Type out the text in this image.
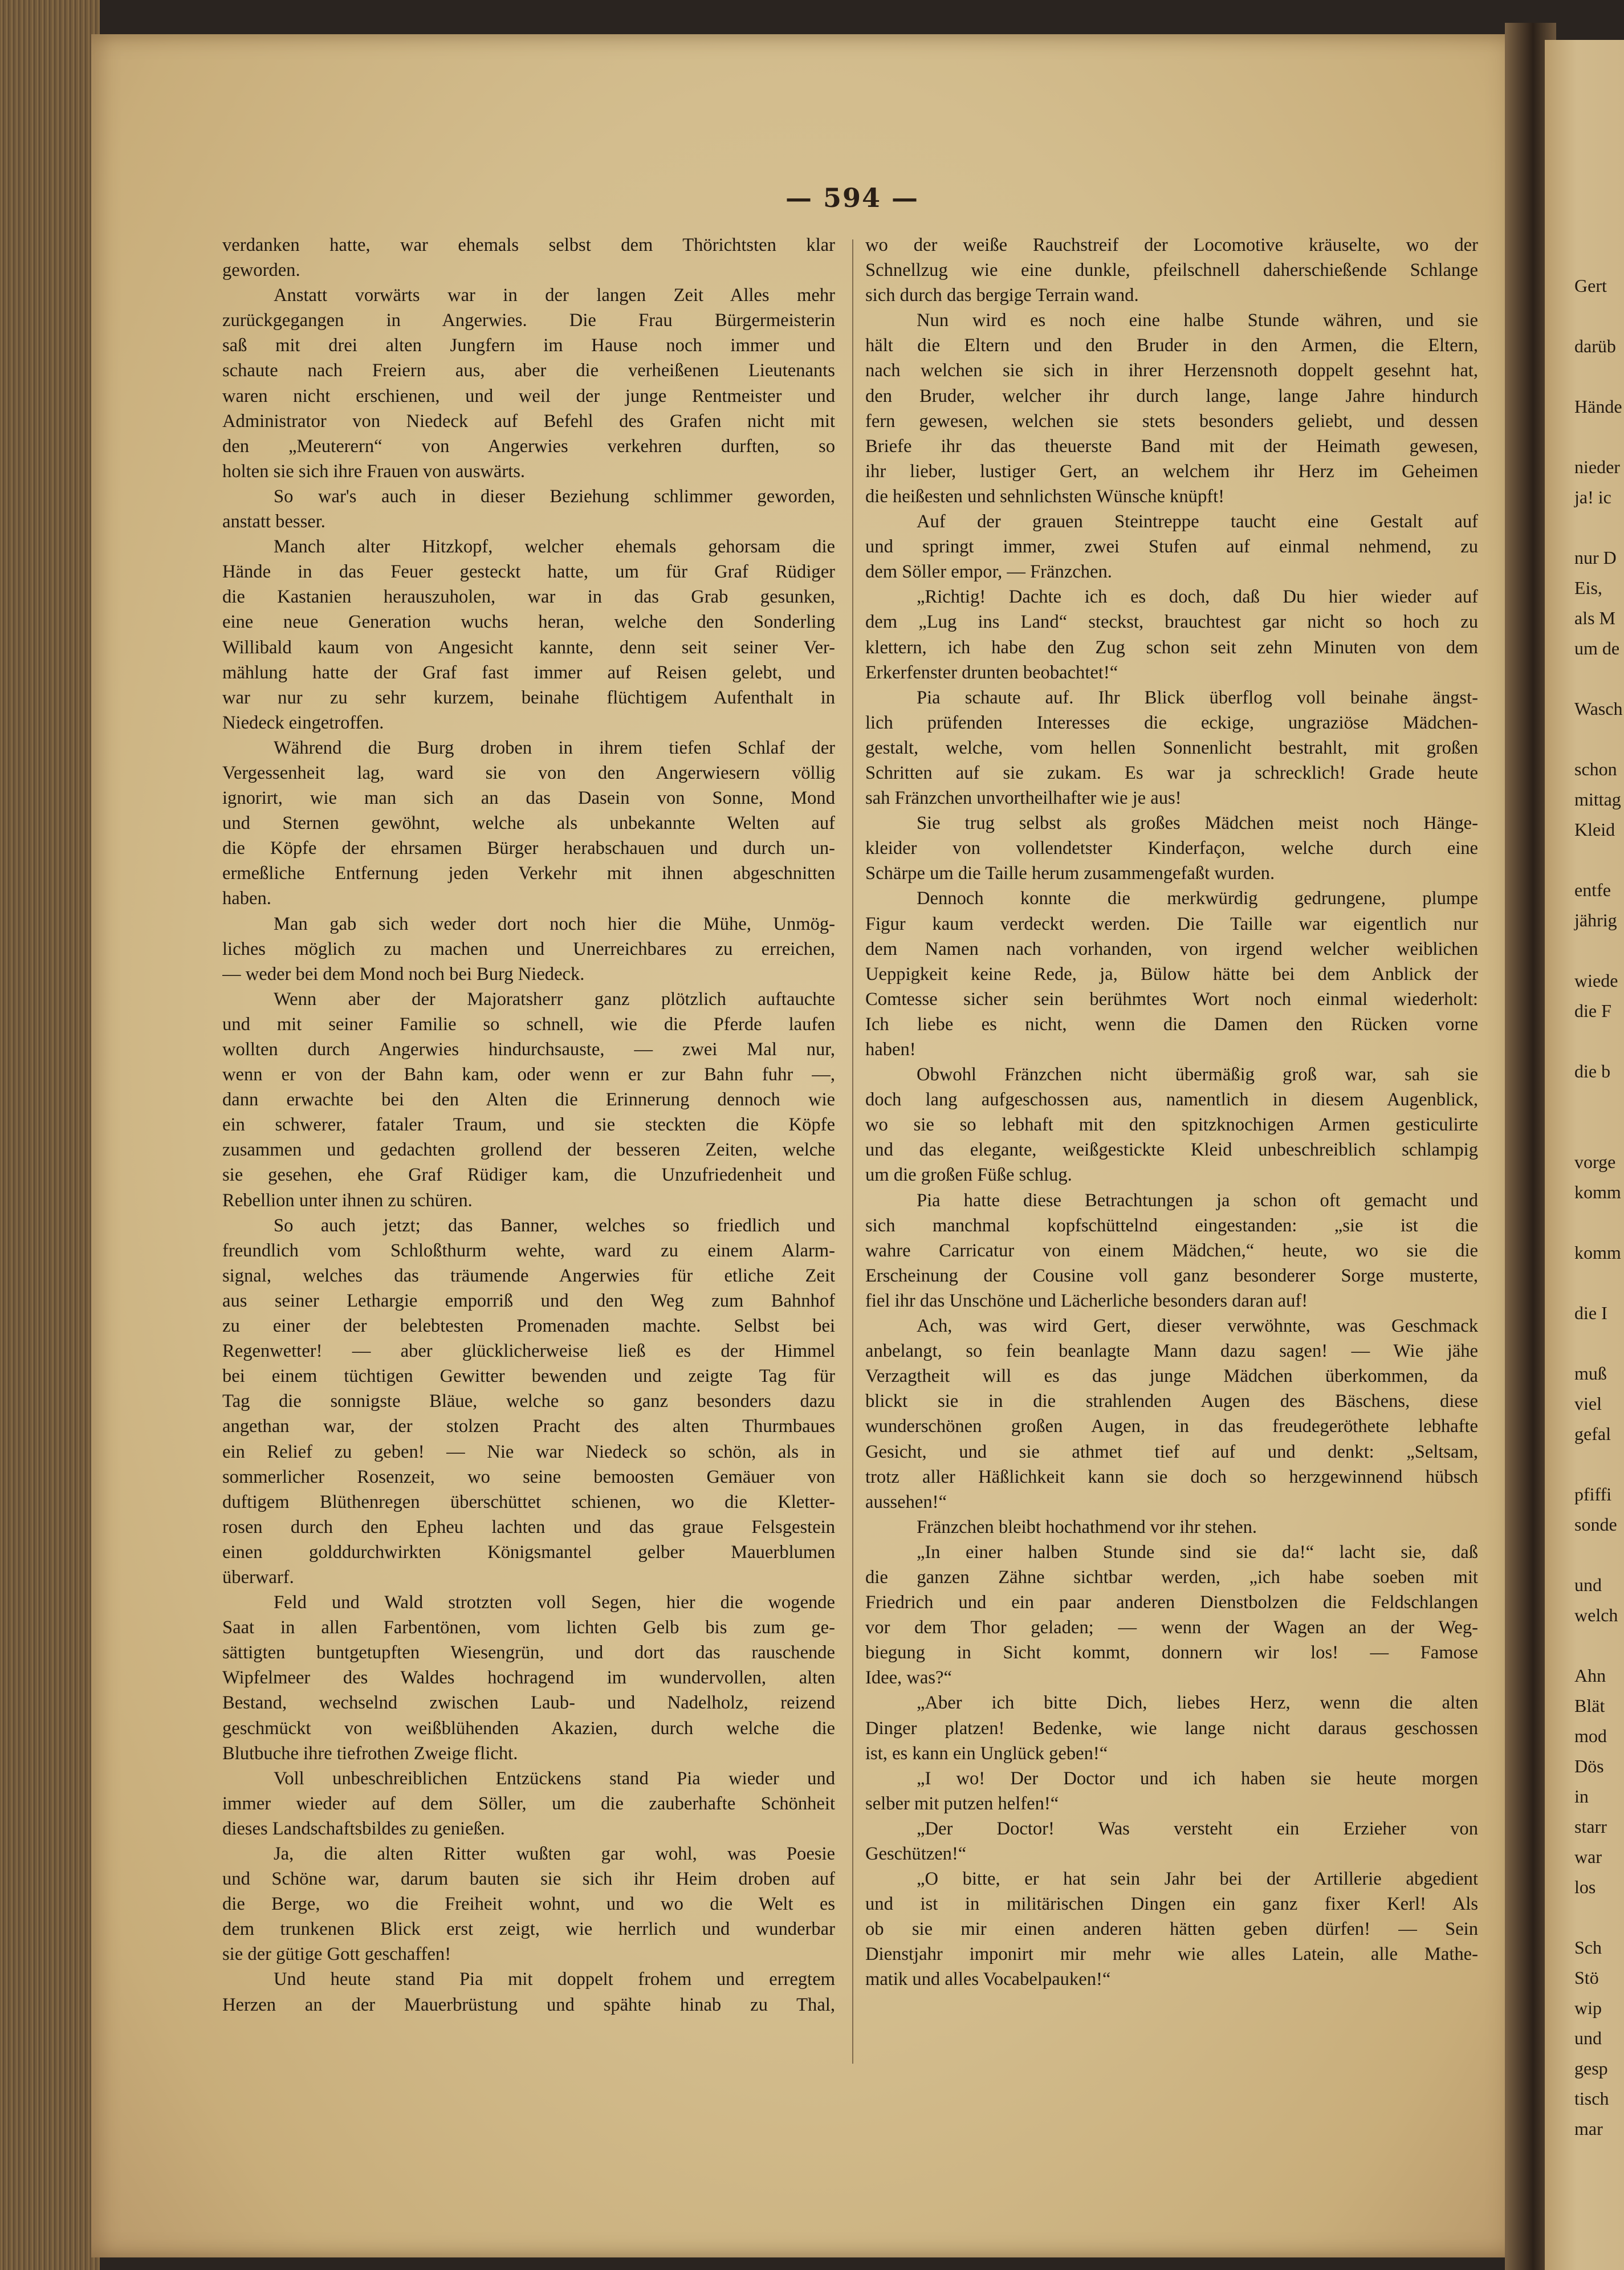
Gert
darüb
Hände
nieder
ja! ic
nur D
Eis,
als M
um de
Wasch
schon
mittag
Kleid
entfe
jährig
wiede
die F
die b
vorge
komm
komm
die I
muß
viel
gefal
pfiffi
sonde
und
welch
Ahn
Blät
mod
Dös
in
starr
war
los
Sch
Stö
wip
und
gesp
tisch
mar
— 594 —
verdanken hatte, war ehemals selbst dem Thörichtsten klar
geworden.
Anstatt vorwärts war in der langen Zeit Alles mehr
zurückgegangen in Angerwies. Die Frau Bürgermeisterin
saß mit drei alten Jungfern im Hause noch immer und
schaute nach Freiern aus, aber die verheißenen Lieutenants
waren nicht erschienen, und weil der junge Rentmeister und
Administrator von Niedeck auf Befehl des Grafen nicht mit
den „Meuterern“ von Angerwies verkehren durften, so
holten sie sich ihre Frauen von auswärts.
So war's auch in dieser Beziehung schlimmer geworden,
anstatt besser.
Manch alter Hitzkopf, welcher ehemals gehorsam die
Hände in das Feuer gesteckt hatte, um für Graf Rüdiger
die Kastanien herauszuholen, war in das Grab gesunken,
eine neue Generation wuchs heran, welche den Sonderling
Willibald kaum von Angesicht kannte, denn seit seiner Ver-
mählung hatte der Graf fast immer auf Reisen gelebt, und
war nur zu sehr kurzem, beinahe flüchtigem Aufenthalt in
Niedeck eingetroffen.
Während die Burg droben in ihrem tiefen Schlaf der
Vergessenheit lag, ward sie von den Angerwiesern völlig
ignorirt, wie man sich an das Dasein von Sonne, Mond
und Sternen gewöhnt, welche als unbekannte Welten auf
die Köpfe der ehrsamen Bürger herabschauen und durch un-
ermeßliche Entfernung jeden Verkehr mit ihnen abgeschnitten
haben.
Man gab sich weder dort noch hier die Mühe, Unmög-
liches möglich zu machen und Unerreichbares zu erreichen,
— weder bei dem Mond noch bei Burg Niedeck.
Wenn aber der Majoratsherr ganz plötzlich auftauchte
und mit seiner Familie so schnell, wie die Pferde laufen
wollten durch Angerwies hindurchsauste, — zwei Mal nur,
wenn er von der Bahn kam, oder wenn er zur Bahn fuhr —,
dann erwachte bei den Alten die Erinnerung dennoch wie
ein schwerer, fataler Traum, und sie steckten die Köpfe
zusammen und gedachten grollend der besseren Zeiten, welche
sie gesehen, ehe Graf Rüdiger kam, die Unzufriedenheit und
Rebellion unter ihnen zu schüren.
So auch jetzt; das Banner, welches so friedlich und
freundlich vom Schloßthurm wehte, ward zu einem Alarm-
signal, welches das träumende Angerwies für etliche Zeit
aus seiner Lethargie emporriß und den Weg zum Bahnhof
zu einer der belebtesten Promenaden machte. Selbst bei
Regenwetter! — aber glücklicherweise ließ es der Himmel
bei einem tüchtigen Gewitter bewenden und zeigte Tag für
Tag die sonnigste Bläue, welche so ganz besonders dazu
angethan war, der stolzen Pracht des alten Thurmbaues
ein Relief zu geben! — Nie war Niedeck so schön, als in
sommerlicher Rosenzeit, wo seine bemoosten Gemäuer von
duftigem Blüthenregen überschüttet schienen, wo die Kletter-
rosen durch den Epheu lachten und das graue Felsgestein
einen golddurchwirkten Königsmantel gelber Mauerblumen
überwarf.
Feld und Wald strotzten voll Segen, hier die wogende
Saat in allen Farbentönen, vom lichten Gelb bis zum ge-
sättigten buntgetupften Wiesengrün, und dort das rauschende
Wipfelmeer des Waldes hochragend im wundervollen, alten
Bestand, wechselnd zwischen Laub- und Nadelholz, reizend
geschmückt von weißblühenden Akazien, durch welche die
Blutbuche ihre tiefrothen Zweige flicht.
Voll unbeschreiblichen Entzückens stand Pia wieder und
immer wieder auf dem Söller, um die zauberhafte Schönheit
dieses Landschaftsbildes zu genießen.
Ja, die alten Ritter wußten gar wohl, was Poesie
und Schöne war, darum bauten sie sich ihr Heim droben auf
die Berge, wo die Freiheit wohnt, und wo die Welt es
dem trunkenen Blick erst zeigt, wie herrlich und wunderbar
sie der gütige Gott geschaffen!
Und heute stand Pia mit doppelt frohem und erregtem
Herzen an der Mauerbrüstung und spähte hinab zu Thal,
wo der weiße Rauchstreif der Locomotive kräuselte, wo der
Schnellzug wie eine dunkle, pfeilschnell daherschießende Schlange
sich durch das bergige Terrain wand.
Nun wird es noch eine halbe Stunde währen, und sie
hält die Eltern und den Bruder in den Armen, die Eltern,
nach welchen sie sich in ihrer Herzensnoth doppelt gesehnt hat,
den Bruder, welcher ihr durch lange, lange Jahre hindurch
fern gewesen, welchen sie stets besonders geliebt, und dessen
Briefe ihr das theuerste Band mit der Heimath gewesen,
ihr lieber, lustiger Gert, an welchem ihr Herz im Geheimen
die heißesten und sehnlichsten Wünsche knüpft!
Auf der grauen Steintreppe taucht eine Gestalt auf
und springt immer, zwei Stufen auf einmal nehmend, zu
dem Söller empor, — Fränzchen.
„Richtig! Dachte ich es doch, daß Du hier wieder auf
dem „Lug ins Land“ steckst, brauchtest gar nicht so hoch zu
klettern, ich habe den Zug schon seit zehn Minuten von dem
Erkerfenster drunten beobachtet!“
Pia schaute auf. Ihr Blick überflog voll beinahe ängst-
lich prüfenden Interesses die eckige, ungraziöse Mädchen-
gestalt, welche, vom hellen Sonnenlicht bestrahlt, mit großen
Schritten auf sie zukam. Es war ja schrecklich! Grade heute
sah Fränzchen unvortheilhafter wie je aus!
Sie trug selbst als großes Mädchen meist noch Hänge-
kleider von vollendetster Kinderfaçon, welche durch eine
Schärpe um die Taille herum zusammengefaßt wurden.
Dennoch konnte die merkwürdig gedrungene, plumpe
Figur kaum verdeckt werden. Die Taille war eigentlich nur
dem Namen nach vorhanden, von irgend welcher weiblichen
Ueppigkeit keine Rede, ja, Bülow hätte bei dem Anblick der
Comtesse sicher sein berühmtes Wort noch einmal wiederholt:
Ich liebe es nicht, wenn die Damen den Rücken vorne
haben!
Obwohl Fränzchen nicht übermäßig groß war, sah sie
doch lang aufgeschossen aus, namentlich in diesem Augenblick,
wo sie so lebhaft mit den spitzknochigen Armen gesticulirte
und das elegante, weißgestickte Kleid unbeschreiblich schlampig
um die großen Füße schlug.
Pia hatte diese Betrachtungen ja schon oft gemacht und
sich manchmal kopfschüttelnd eingestanden: „sie ist die
wahre Carricatur von einem Mädchen,“ heute, wo sie die
Erscheinung der Cousine voll ganz besonderer Sorge musterte,
fiel ihr das Unschöne und Lächerliche besonders daran auf!
Ach, was wird Gert, dieser verwöhnte, was Geschmack
anbelangt, so fein beanlagte Mann dazu sagen! — Wie jähe
Verzagtheit will es das junge Mädchen überkommen, da
blickt sie in die strahlenden Augen des Bäschens, diese
wunderschönen großen Augen, in das freudegeröthete lebhafte
Gesicht, und sie athmet tief auf und denkt: „Seltsam,
trotz aller Häßlichkeit kann sie doch so herzgewinnend hübsch
aussehen!“
Fränzchen bleibt hochathmend vor ihr stehen.
„In einer halben Stunde sind sie da!“ lacht sie, daß
die ganzen Zähne sichtbar werden, „ich habe soeben mit
Friedrich und ein paar anderen Dienstbolzen die Feldschlangen
vor dem Thor geladen; — wenn der Wagen an der Weg-
biegung in Sicht kommt, donnern wir los! — Famose
Idee, was?“
„Aber ich bitte Dich, liebes Herz, wenn die alten
Dinger platzen! Bedenke, wie lange nicht daraus geschossen
ist, es kann ein Unglück geben!“
„I wo! Der Doctor und ich haben sie heute morgen
selber mit putzen helfen!“
„Der Doctor! Was versteht ein Erzieher von
Geschützen!“
„O bitte, er hat sein Jahr bei der Artillerie abgedient
und ist in militärischen Dingen ein ganz fixer Kerl! Als
ob sie mir einen anderen hätten geben dürfen! — Sein
Dienstjahr imponirt mir mehr wie alles Latein, alle Mathe-
matik und alles Vocabelpauken!“
